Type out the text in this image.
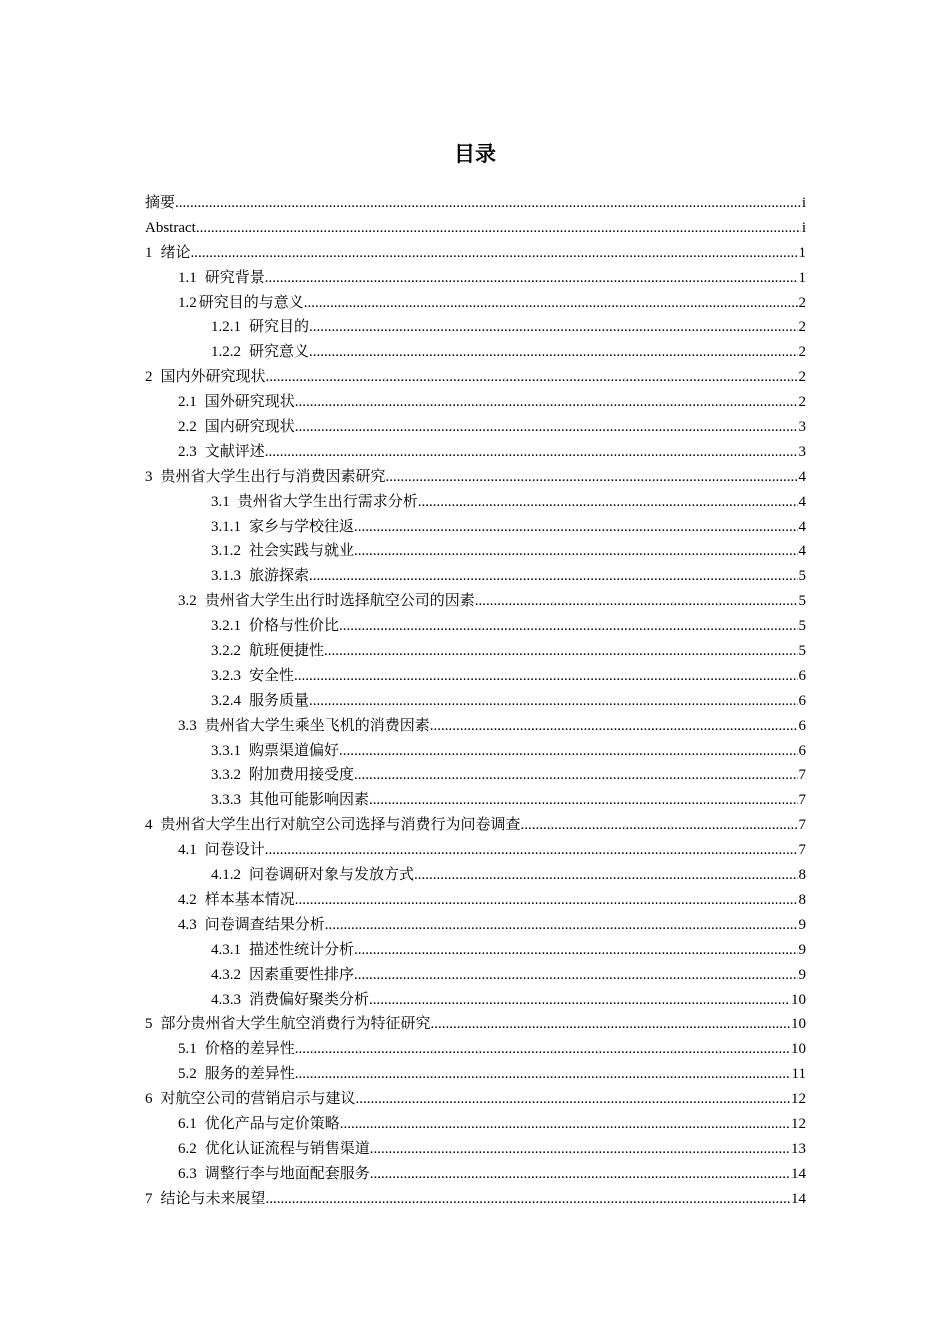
目录
摘要 .....	i
Abstract .....	i
1 绪论 .....	1
1.1 研究背景 .....	1
1.2 研究目的与意义 .....	2
1.2.1 研究目的 .....	2
1.2.2 研究意义 .....	2
2 国内外研究现状 .....	2
2.1 国外研究现状 .....	2
2.2 国内研究现状 .....	3
2.3 文献评述 .....	3
3 贵州省大学生出行与消费因素研究 .....	4
3.1 贵州省大学生出行需求分析 .....	4
3.1.1 家乡与学校往返 .....	4
3.1.2 社会实践与就业 .....	4
3.1.3 旅游探索 .....	5
3.2 贵州省大学生出行时选择航空公司的因素 .....	5
3.2.1 价格与性价比 .....	5
3.2.2 航班便捷性 .....	5
3.2.3 安全性 .....	6
3.2.4 服务质量 .....	6
3.3 贵州省大学生乘坐飞机的消费因素 .....	6
3.3.1 购票渠道偏好 .....	6
3.3.2 附加费用接受度 .....	7
3.3.3 其他可能影响因素 .....	7
4 贵州省大学生出行对航空公司选择与消费行为问卷调查 .....	7
4.1 问卷设计 .....	7
4.1.2 问卷调研对象与发放方式 .....	8
4.2 样本基本情况 .....	8
4.3 问卷调查结果分析 .....	9
4.3.1 描述性统计分析 .....	9
4.3.2 因素重要性排序 .....	9
4.3.3 消费偏好聚类分析 .....	10
5 部分贵州省大学生航空消费行为特征研究 .....	10
5.1 价格的差异性 .....	10
5.2 服务的差异性 .....	11
6 对航空公司的营销启示与建议 .....	12
6.1 优化产品与定价策略 .....	12
6.2 优化认证流程与销售渠道 .....	13
6.3 调整行李与地面配套服务 .....	14
7 结论与未来展望 .....	14
